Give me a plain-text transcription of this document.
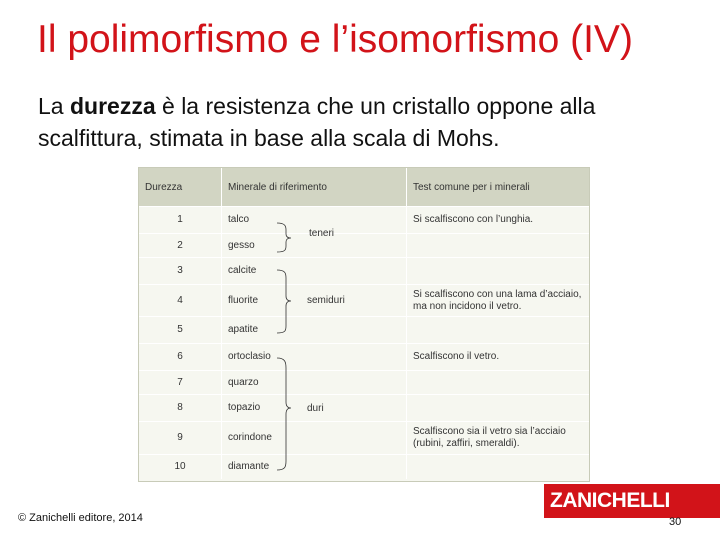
Il polimorfismo e l’isomorfismo (IV)

La durezza è la resistenza che un cristallo oppone alla scalfittura, stimata in base alla scala di Mohs.

Durezza	Minerale di riferimento	Test comune per i minerali
1	talco	Si scalfiscono con l’unghia.
2	gesso	
3	calcite	
4	fluorite	Si scalfiscono con una lama d’acciaio, ma non incidono il vetro.
5	apatite	
6	ortoclasio	Scalfiscono il vetro.
7	quarzo	
8	topazio	
9	corindone	Scalfiscono sia il vetro sia l’acciaio (rubini, zaffiri, smeraldi).
10	diamante	
teneri
semiduri
duri
© Zanichelli editore, 2014
ZANICHELLI
30
